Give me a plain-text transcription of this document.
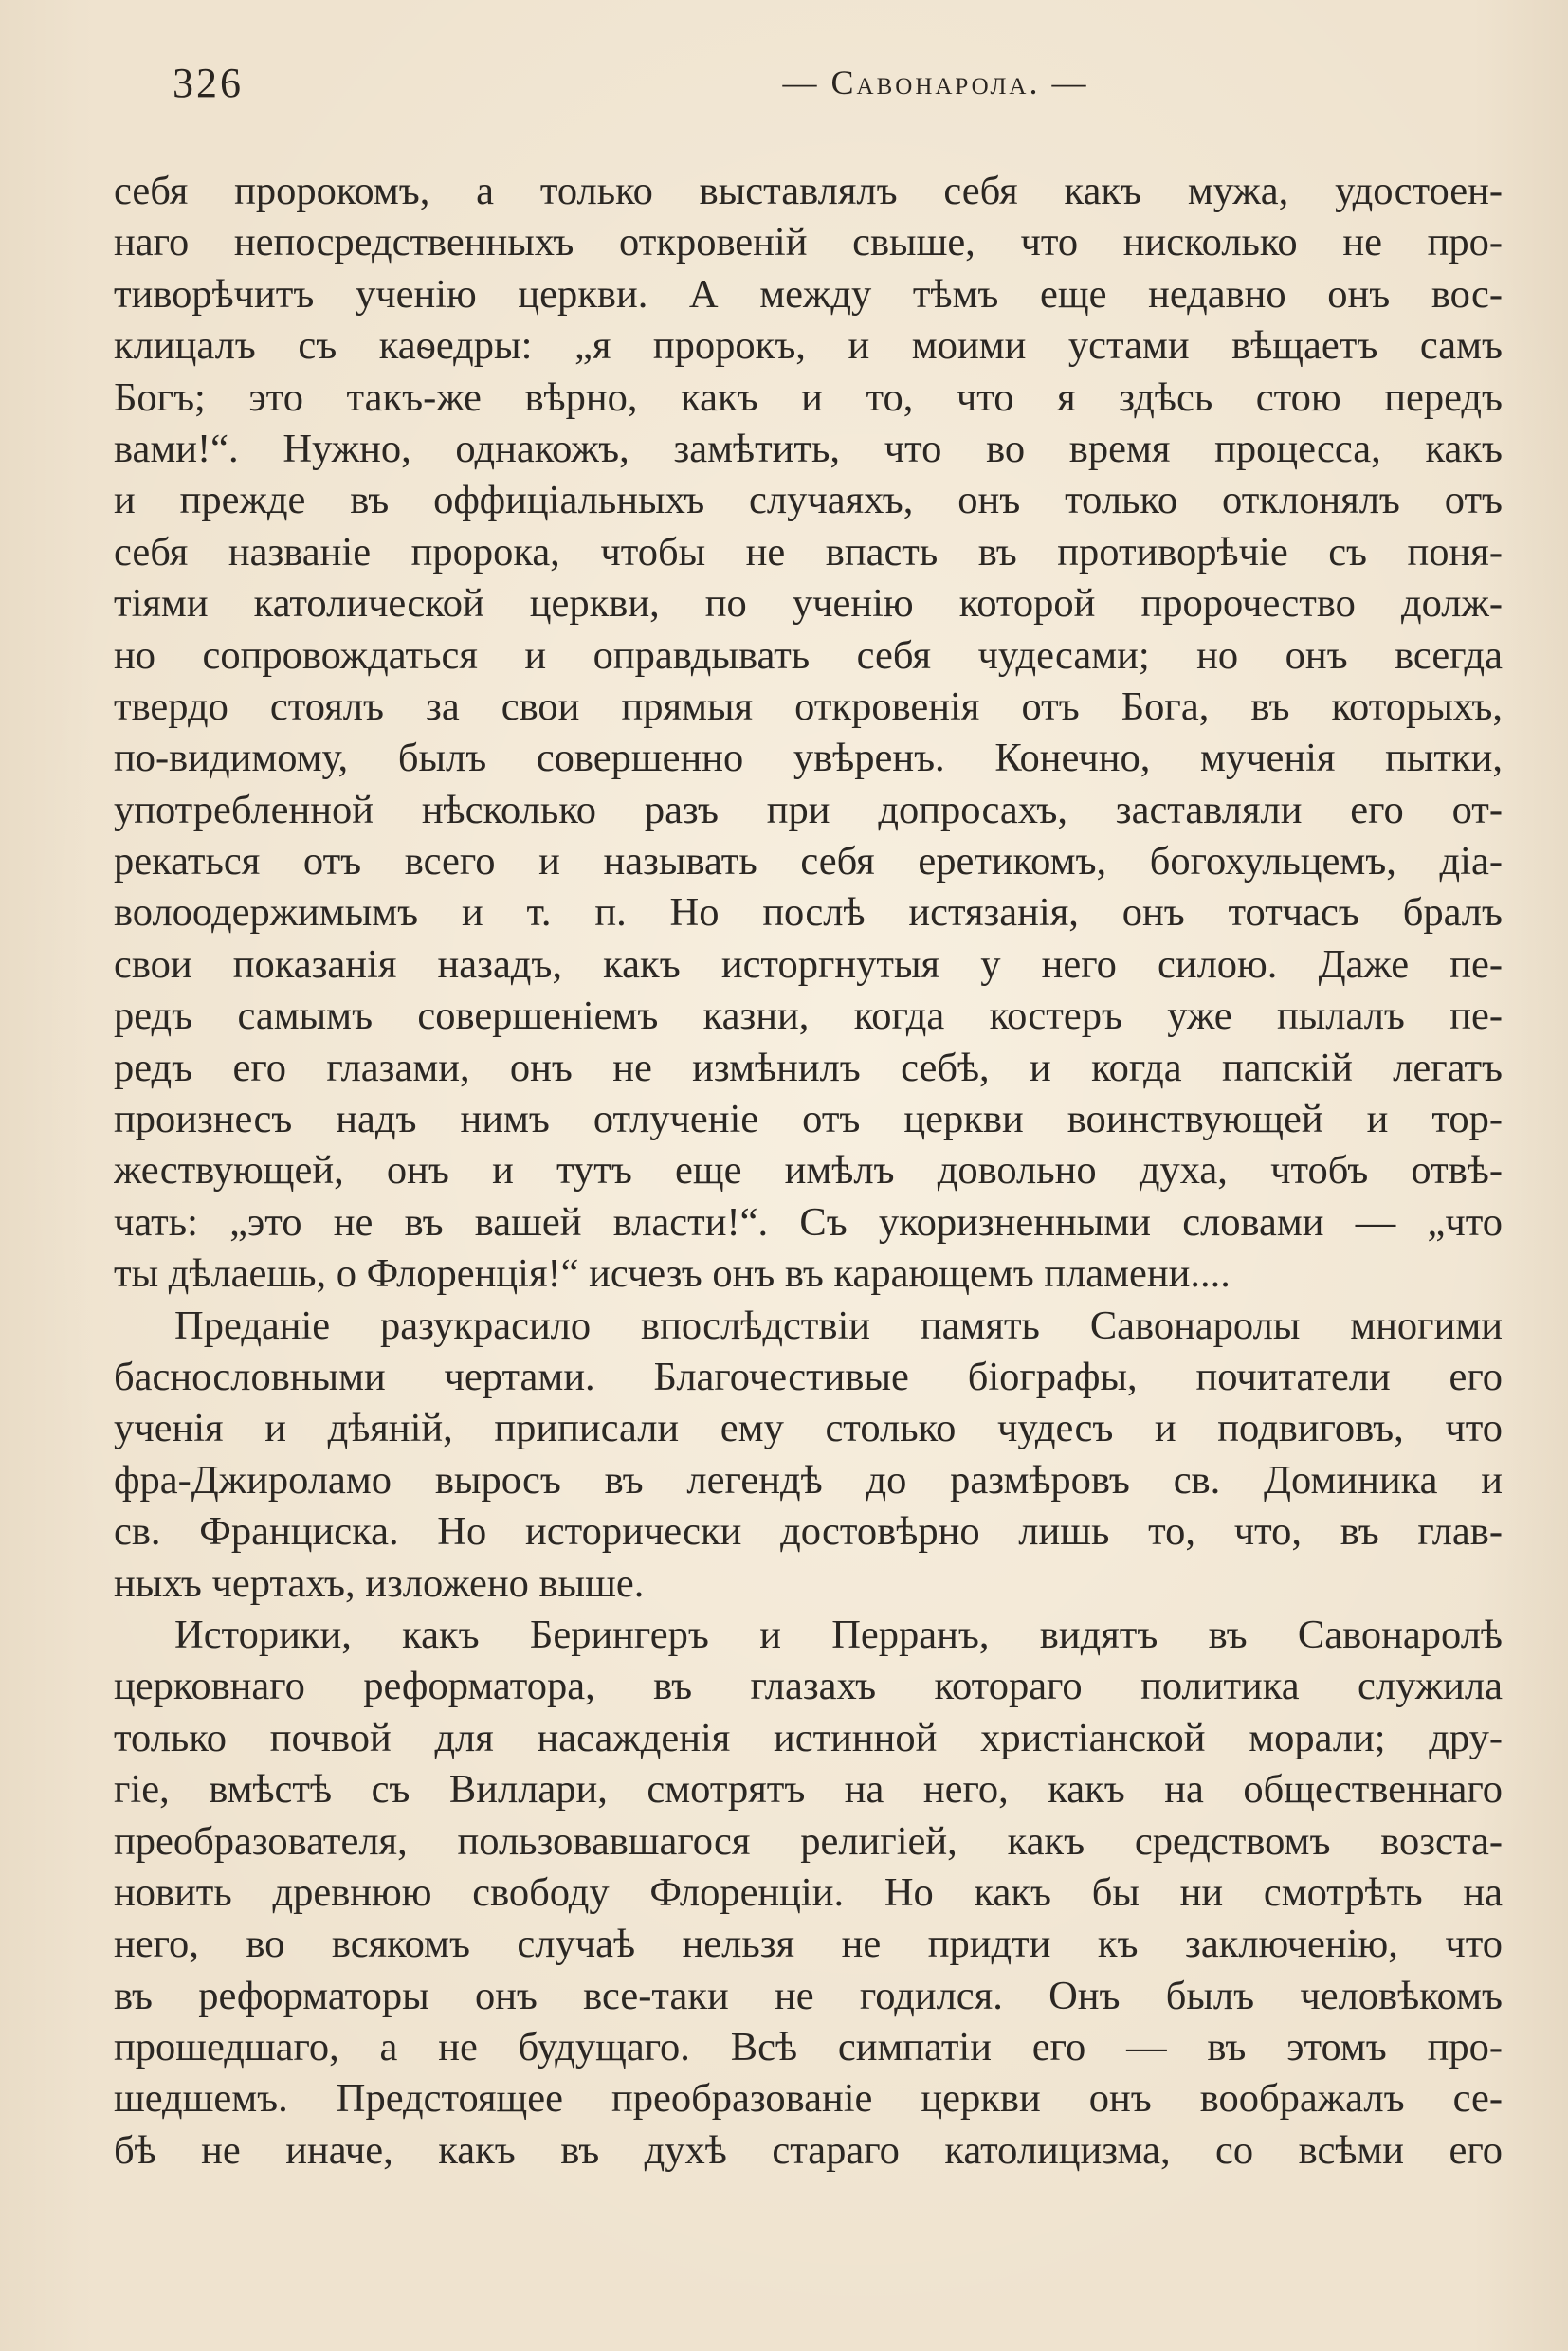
326	— Савонарола. —
себя пророкомъ, а только выставлялъ себя какъ мужа, удостоен-
наго непосредственныхъ откровенiй свыше, что нисколько не про-
тиворѣчитъ ученiю церкви. А между тѣмъ еще недавно онъ вос-
клицалъ съ каѳедры: „я пророкъ, и моими устами вѣщаетъ самъ
Богъ; это такъ-же вѣрно, какъ и то, что я здѣсь стою передъ
вами!“. Нужно, однакожъ, замѣтить, что во время процесса, какъ
и прежде въ оффицiальныхъ случаяхъ, онъ только отклонялъ отъ
себя названiе пророка, чтобы не впасть въ противорѣчiе съ поня-
тiями католической церкви, по ученiю которой пророчество долж-
но сопровождаться и оправдывать себя чудесами; но онъ всегда
твердо стоялъ за свои прямыя откровенiя отъ Бога, въ которыхъ,
по-видимому, былъ совершенно увѣренъ. Конечно, мученiя пытки,
употребленной нѣсколько разъ при допросахъ, заставляли его от-
рекаться отъ всего и называть себя еретикомъ, богохульцемъ, дiа-
волоодержимымъ и т. п. Но послѣ истязанiя, онъ тотчасъ бралъ
свои показанiя назадъ, какъ исторгнутыя у него силою. Даже пе-
редъ самымъ совершенiемъ казни, когда костеръ уже пылалъ пе-
редъ его глазами, онъ не измѣнилъ себѣ, и когда папскiй легатъ
произнесъ надъ нимъ отлученiе отъ церкви воинствующей и тор-
жествующей, онъ и тутъ еще имѣлъ довольно духа, чтобъ отвѣ-
чать: „это не въ вашей власти!“. Съ укоризненными словами — „что
ты дѣлаешь, о Флоренцiя!“ исчезъ онъ въ карающемъ пламени....
Преданiе разукрасило впослѣдствiи память Савонаролы многими
баснословными чертами. Благочестивые бiографы, почитатели его
ученiя и дѣянiй, приписали ему столько чудесъ и подвиговъ, что
фра-Джироламо выросъ въ легендѣ до размѣровъ св. Доминика и
св. Франциска. Но исторически достовѣрно лишь то, что, въ глав-
ныхъ чертахъ, изложено выше.
Историки, какъ Берингеръ и Перранъ, видятъ въ Савонаролѣ
церковнаго реформатора, въ глазахъ котораго политика служила
только почвой для насажденiя истинной христiанской морали; дру-
гiе, вмѣстѣ съ Виллари, смотрятъ на него, какъ на общественнаго
преобразователя, пользовавшагося религiей, какъ средствомъ возста-
новить древнюю свободу Флоренцiи. Но какъ бы ни смотрѣть на
него, во всякомъ случаѣ нельзя не придти къ заключенiю, что
въ реформаторы онъ все-таки не годился. Онъ былъ человѣкомъ
прошедшаго, а не будущаго. Всѣ симпатiи его — въ этомъ про-
шедшемъ. Предстоящее преобразованiе церкви онъ воображалъ се-
бѣ не иначе, какъ въ духѣ стараго католицизма, со всѣми его
